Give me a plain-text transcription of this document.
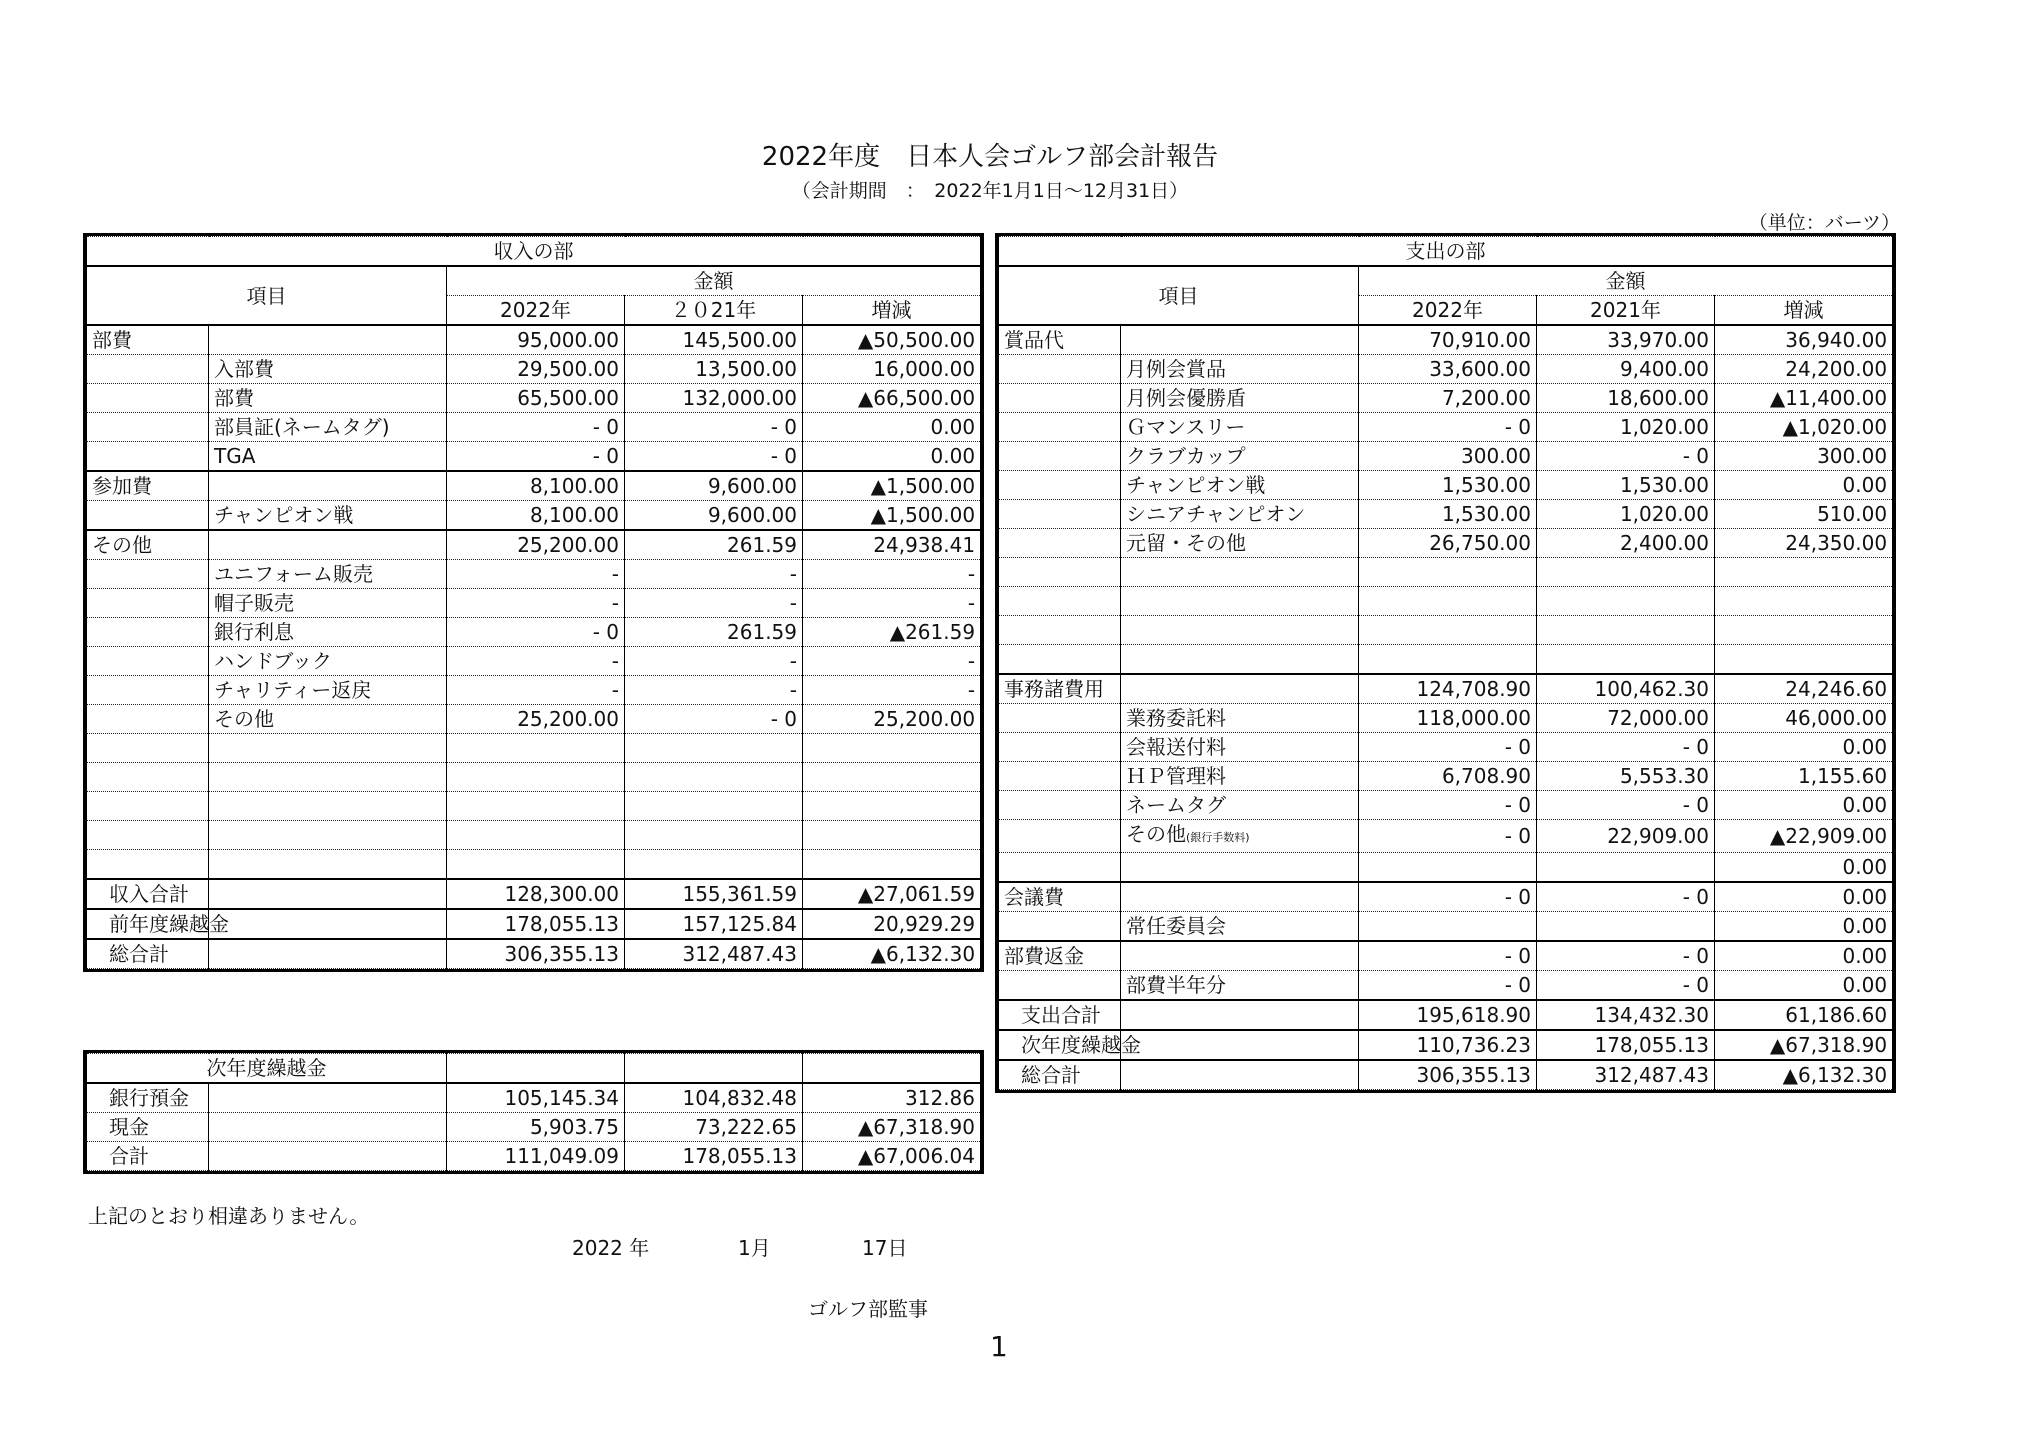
2022年度　日本人会ゴルフ部会計報告
（会計期間　：　2022年1月1日〜12月31日）
（単位：バーツ）
収入の部				
項目		金額		
		2022年	２０21年	増減
部費		95,000.00	145,500.00	▲50,500.00
	入部費	29,500.00	13,500.00	16,000.00
	部費	65,500.00	132,000.00	▲66,500.00
	部員証(ネームタグ)	- 0	- 0	0.00
	TGA	- 0	- 0	0.00
参加費		8,100.00	9,600.00	▲1,500.00
	チャンピオン戦	8,100.00	9,600.00	▲1,500.00
その他		25,200.00	261.59	24,938.41
	ユニフォーム販売	-	-	-
	帽子販売	-	-	-
	銀行利息	- 0	261.59	▲261.59
	ハンドブック	-	-	-
	チャリティー返戻	-	-	-
	その他	25,200.00	- 0	25,200.00

収入合計		128,300.00	155,361.59	▲27,061.59
前年度繰越金		178,055.13	157,125.84	20,929.29
総合計		306,355.13	312,487.43	▲6,132.30
支出の部				
項目		金額		
		2022年	2021年	増減
賞品代		70,910.00	33,970.00	36,940.00
	月例会賞品	33,600.00	9,400.00	24,200.00
	月例会優勝盾	7,200.00	18,600.00	▲11,400.00
	Ｇマンスリー	- 0	1,020.00	▲1,020.00
	クラブカップ	300.00	- 0	300.00
	チャンピオン戦	1,530.00	1,530.00	0.00
	シニアチャンピオン	1,530.00	1,020.00	510.00
	元留・その他	26,750.00	2,400.00	24,350.00

事務諸費用		124,708.90	100,462.30	24,246.60
	業務委託料	118,000.00	72,000.00	46,000.00
	会報送付料	- 0	- 0	0.00
	ＨＰ管理料	6,708.90	5,553.30	1,155.60
	ネームタグ	- 0	- 0	0.00
	その他(銀行手数料)	- 0	22,909.00	▲22,909.00
				0.00
会議費		- 0	- 0	0.00
	常任委員会			0.00
部費返金		- 0	- 0	0.00
	部費半年分	- 0	- 0	0.00
支出合計		195,618.90	134,432.30	61,186.60
次年度繰越金		110,736.23	178,055.13	▲67,318.90
総合計		306,355.13	312,487.43	▲6,132.30
次年度繰越金				
銀行預金		105,145.34	104,832.48	312.86
現金		5,903.75	73,222.65	▲67,318.90
合計		111,049.09	178,055.13	▲67,006.04
上記のとおり相違ありません。
2022 年	1月	17日
ゴルフ部監事
1
